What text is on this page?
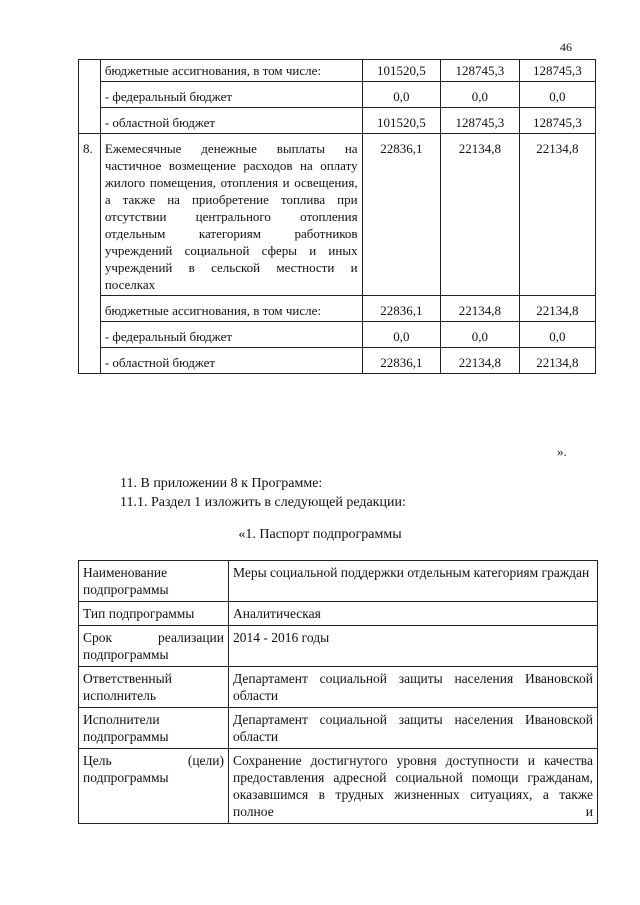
46
	бюджетные ассигнования, в том числе:	101520,5	128745,3	128745,3
	- федеральный бюджет	0,0	0,0	0,0
	- областной бюджет	101520,5	128745,3	128745,3
8.	Ежемесячные денежные выплаты на частичное возмещение расходов на оплату жилого помещения, отопления и освещения, а также на приобретение топлива при отсутствии центрального отопления отдельным категориям работников учреждений социальной сферы и иных учреждений в сельской местности и поселках	22836,1	22134,8	22134,8
	бюджетные ассигнования, в том числе:	22836,1	22134,8	22134,8
	- федеральный бюджет	0,0	0,0	0,0
	- областной бюджет	22836,1	22134,8	22134,8
».
11. В приложении 8 к Программе:
11.1. Раздел 1 изложить в следующей редакции:
«1. Паспорт подпрограммы
Наименование подпрограммы	Меры социальной поддержки отдельным категориям граждан
Тип подпрограммы	Аналитическая
Срок реализации подпрограммы	2014 - 2016 годы
Ответственный исполнитель	Департамент социальной защиты населения Ивановской области
Исполнители подпрограммы	Департамент социальной защиты населения Ивановской области
Цель (цели) подпрограммы	Сохранение достигнутого уровня доступности и качества предоставления адресной социальной помощи гражданам, оказавшимся в трудных жизненных ситуациях, а также полное и
